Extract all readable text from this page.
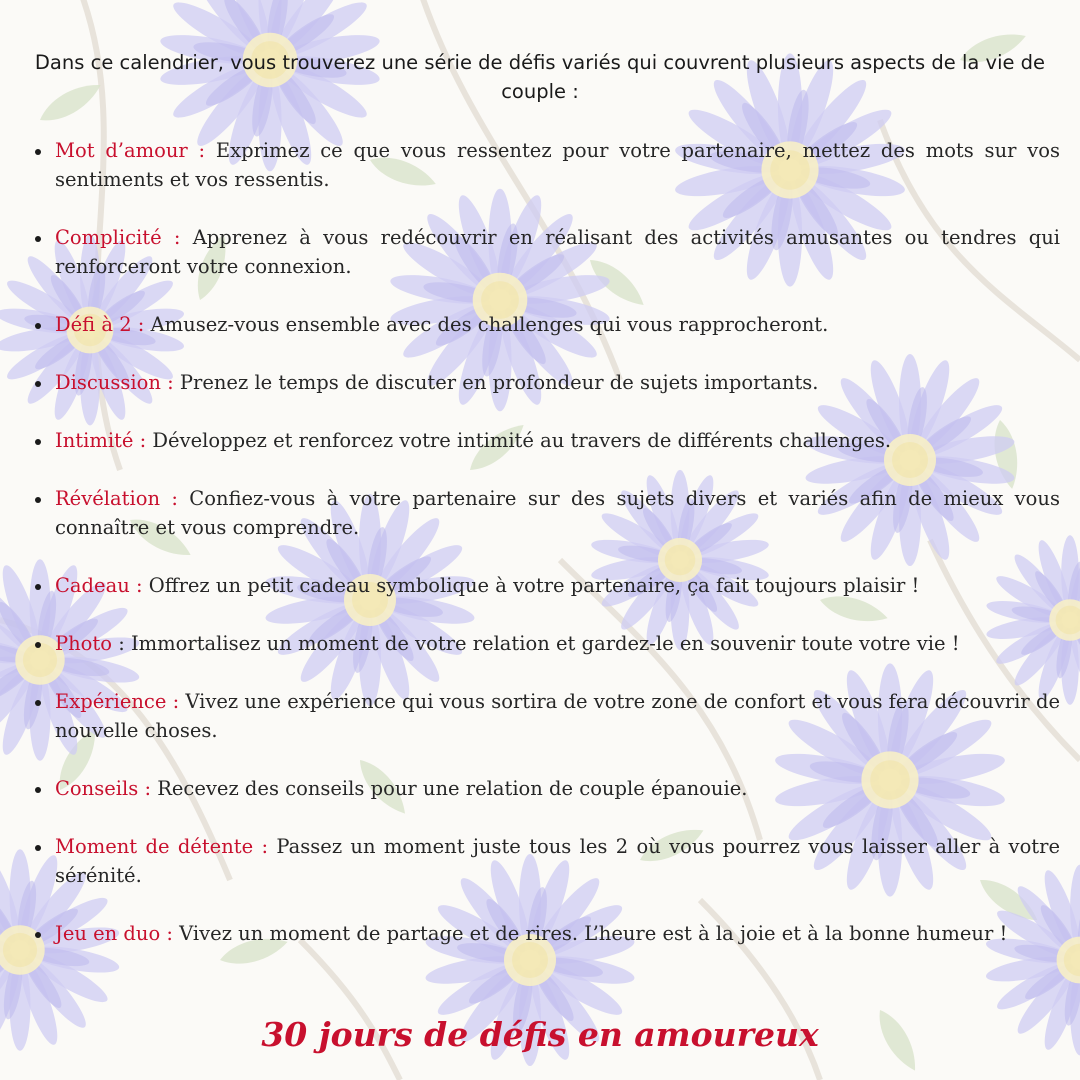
Dans ce calendrier, vous trouverez une série de défis variés qui couvrent plusieurs aspects de la vie de couple :

Mot d’amour : Exprimez ce que vous ressentez pour votre partenaire, mettez des mots sur vos sentiments et vos ressentis.
Complicité : Apprenez à vous redécouvrir en réalisant des activités amusantes ou tendres qui renforceront votre connexion.
Défi à 2 : Amusez-vous ensemble avec des challenges qui vous rapprocheront.
Discussion : Prenez le temps de discuter en profondeur de sujets importants.
Intimité : Développez et renforcez votre intimité au travers de différents challenges.
Révélation : Confiez-vous à votre partenaire sur des sujets divers et variés afin de mieux vous connaître et vous comprendre.
Cadeau : Offrez un petit cadeau symbolique à votre partenaire, ça fait toujours plaisir !
Photo : Immortalisez un moment de votre relation et gardez-le en souvenir toute votre vie !
Expérience : Vivez une expérience qui vous sortira de votre zone de confort et vous fera découvrir de nouvelle choses.
Conseils : Recevez des conseils pour une relation de couple épanouie.
Moment de détente : Passez un moment juste tous les 2 où vous pourrez vous laisser aller à votre sérénité.
Jeu en duo : Vivez un moment de partage et de rires. L’heure est à la joie et à la bonne humeur !
30 jours de défis en amoureux
